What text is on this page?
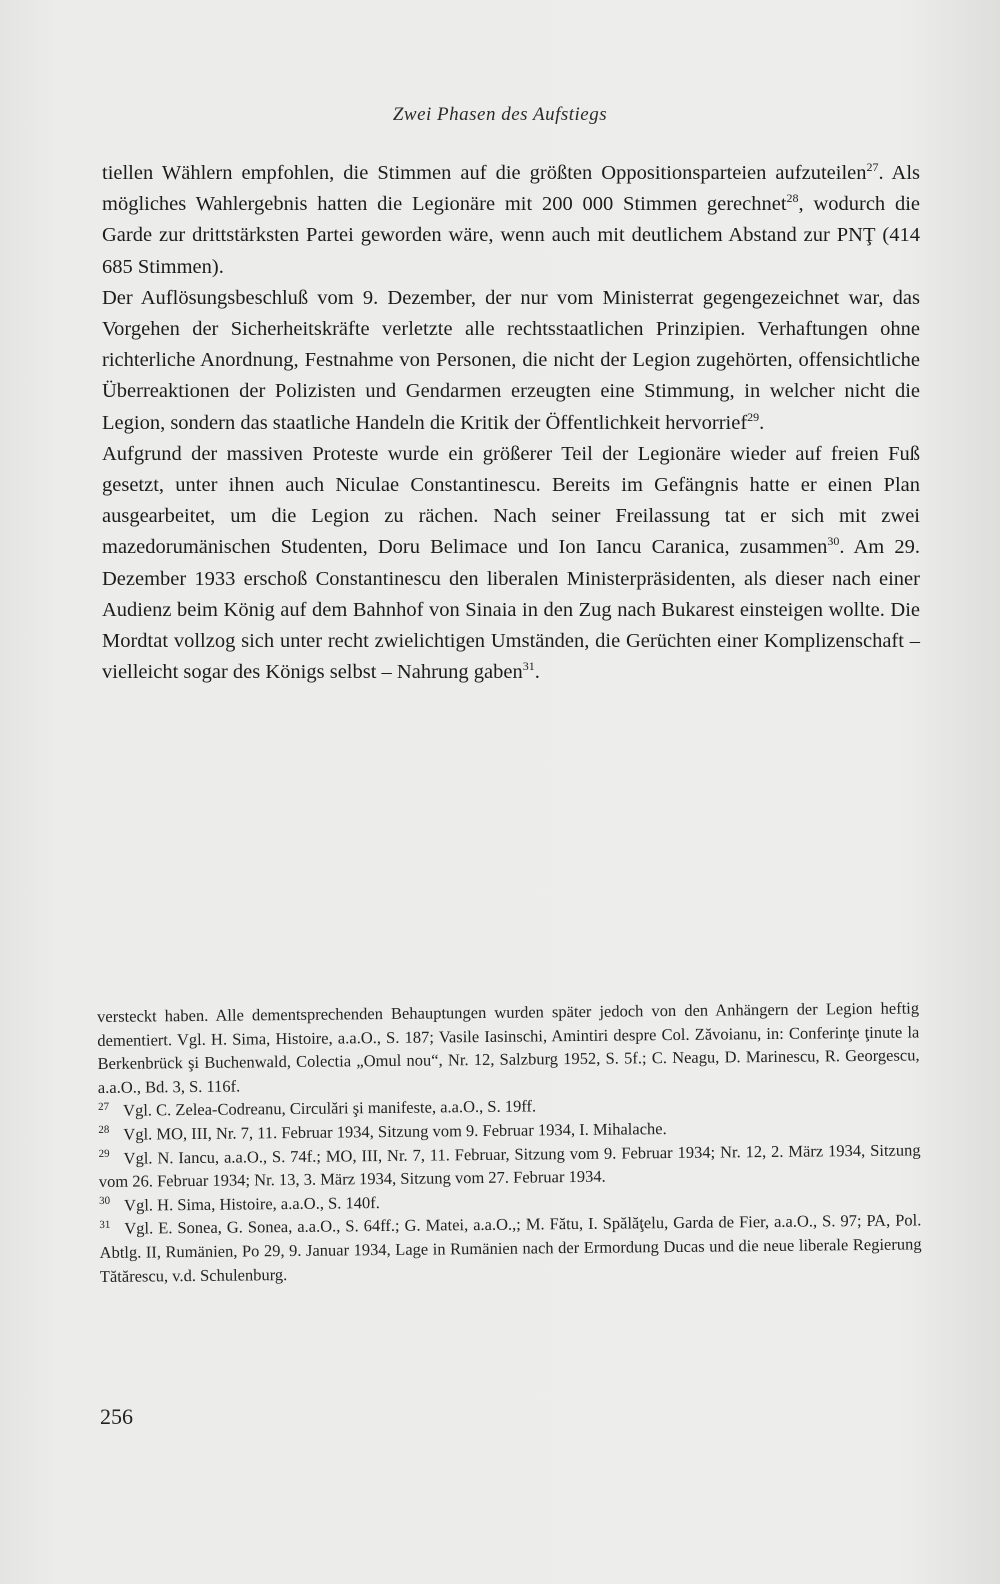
Zwei Phasen des Aufstiegs

tiellen Wählern empfohlen, die Stimmen auf die größten Oppositionsparteien aufzuteilen$^{27}$. Als mögliches Wahlergebnis hatten die Legionäre mit 200 000 Stimmen gerechnet$^{28}$, wodurch die Garde zur drittstärksten Partei geworden wäre, wenn auch mit deutlichem Abstand zur PNŢ (414 685 Stimmen).

Der Auflösungsbeschluß vom 9. Dezember, der nur vom Ministerrat gegengezeichnet war, das Vorgehen der Sicherheitskräfte verletzte alle rechtsstaatlichen Prinzipien. Verhaftungen ohne richterliche Anordnung, Festnahme von Personen, die nicht der Legion zugehörten, offensichtliche Überreaktionen der Polizisten und Gendarmen erzeugten eine Stimmung, in welcher nicht die Legion, sondern das staatliche Handeln die Kritik der Öffentlichkeit hervorrief$^{29}$.

Aufgrund der massiven Proteste wurde ein größerer Teil der Legionäre wieder auf freien Fuß gesetzt, unter ihnen auch Niculae Constantinescu. Bereits im Gefängnis hatte er einen Plan ausgearbeitet, um die Legion zu rächen. Nach seiner Freilassung tat er sich mit zwei mazedorumänischen Studenten, Doru Belimace und Ion Iancu Caranica, zusammen$^{30}$. Am 29. Dezember 1933 erschoß Constantinescu den liberalen Ministerpräsidenten, als dieser nach einer Audienz beim König auf dem Bahnhof von Sinaia in den Zug nach Bukarest einsteigen wollte. Die Mordtat vollzog sich unter recht zwielichtigen Umständen, die Gerüchten einer Komplizenschaft – vielleicht sogar des Königs selbst – Nahrung gaben$^{31}$.

versteckt haben. Alle dementsprechenden Behauptungen wurden später jedoch von den Anhängern der Legion heftig dementiert. Vgl. H. Sima, Histoire, a.a.O., S. 187; Vasile Iasinschi, Amintiri despre Col. Zăvoianu, in: Conferinţe ţinute la Berkenbrück şi Buchenwald, Colectia „Omul nou“, Nr. 12, Salzburg 1952, S. 5f.; C. Neagu, D. Marinescu, R. Georgescu, a.a.O., Bd. 3, S. 116f.

$^{27}$ Vgl. C. Zelea-Codreanu, Circulări şi manifeste, a.a.O., S. 19ff.

$^{28}$ Vgl. MO, III, Nr. 7, 11. Februar 1934, Sitzung vom 9. Februar 1934, I. Mihalache.

$^{29}$ Vgl. N. Iancu, a.a.O., S. 74f.; MO, III, Nr. 7, 11. Februar, Sitzung vom 9. Februar 1934; Nr. 12, 2. März 1934, Sitzung vom 26. Februar 1934; Nr. 13, 3. März 1934, Sitzung vom 27. Februar 1934.

$^{30}$ Vgl. H. Sima, Histoire, a.a.O., S. 140f.

$^{31}$ Vgl. E. Sonea, G. Sonea, a.a.O., S. 64ff.; G. Matei, a.a.O.,; M. Fătu, I. Spălăţelu, Garda de Fier, a.a.O., S. 97; PA, Pol. Abtlg. II, Rumänien, Po 29, 9. Januar 1934, Lage in Rumänien nach der Ermordung Ducas und die neue liberale Regierung Tătărescu, v.d. Schulenburg.

256
